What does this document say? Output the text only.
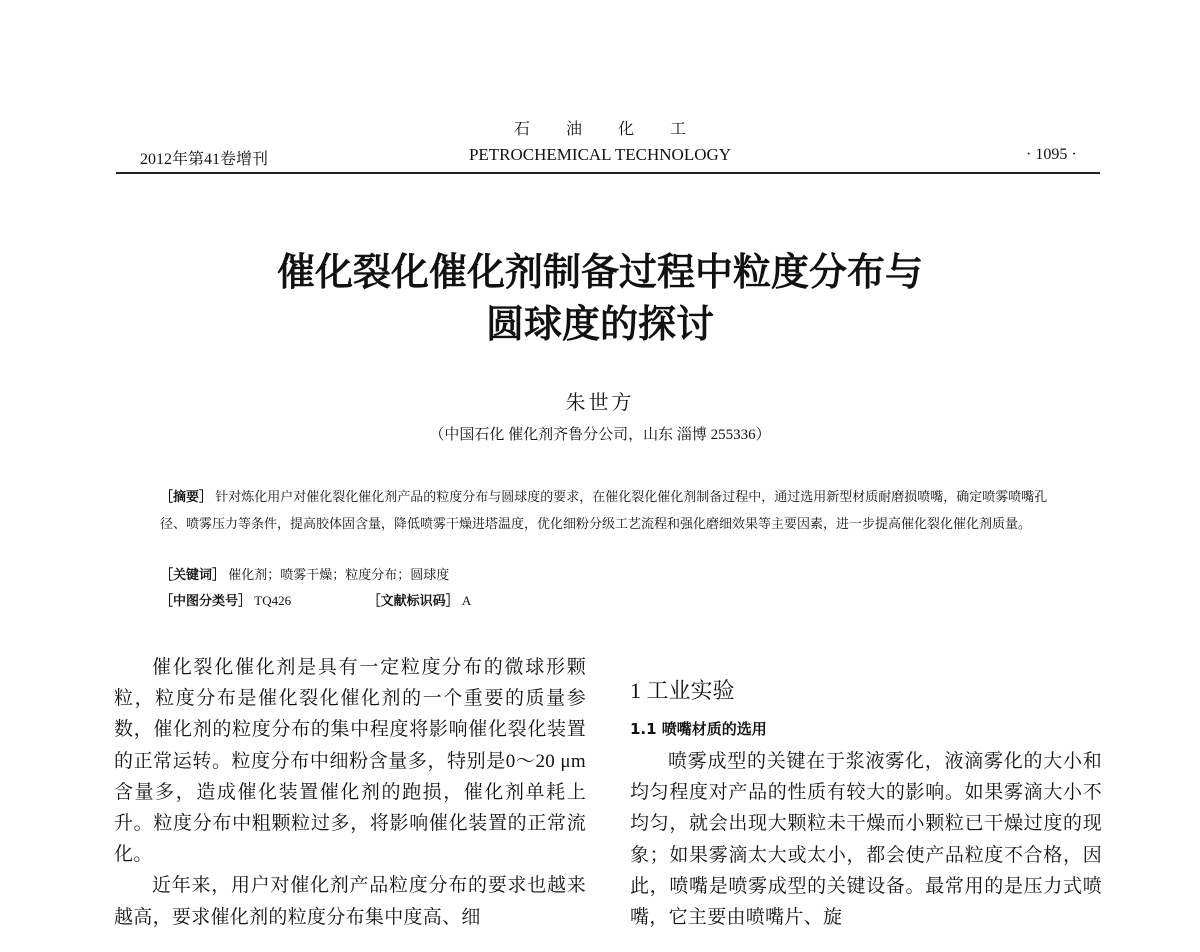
石油化工
2012年第41卷增刊	PETROCHEMICAL TECHNOLOGY	· 1095 ·
催化裂化催化剂制备过程中粒度分布与
圆球度的探讨
朱世方
（中国石化 催化剂齐鲁分公司，山东 淄博 255336）
［摘要］ 针对炼化用户对催化裂化催化剂产品的粒度分布与圆球度的要求，在催化裂化催化剂制备过程中，通过选用新型材质耐磨损喷嘴，确定喷雾喷嘴孔径、喷雾压力等条件，提高胶体固含量，降低喷雾干燥进塔温度，优化细粉分级工艺流程和强化磨细效果等主要因素，进一步提高催化裂化催化剂质量。
［关键词］ 催化剂；喷雾干燥；粒度分布；圆球度
［中图分类号］ TQ426	［文献标识码］ A

催化裂化催化剂是具有一定粒度分布的微球形颗粒，粒度分布是催化裂化催化剂的一个重要的质量参数，催化剂的粒度分布的集中程度将影响催化裂化装置的正常运转。粒度分布中细粉含量多，特别是0～20 μm含量多，造成催化装置催化剂的跑损，催化剂单耗上升。粒度分布中粗颗粒过多，将影响催化装置的正常流化。

近年来，用户对催化剂产品粒度分布的要求也越来越高，要求催化剂的粒度分布集中度高、细

1 工业实验
1.1 喷嘴材质的选用

喷雾成型的关键在于浆液雾化，液滴雾化的大小和均匀程度对产品的性质有较大的影响。如果雾滴大小不均匀，就会出现大颗粒未干燥而小颗粒已干燥过度的现象；如果雾滴太大或太小，都会使产品粒度不合格，因此，喷嘴是喷雾成型的关键设备。最常用的是压力式喷嘴，它主要由喷嘴片、旋
